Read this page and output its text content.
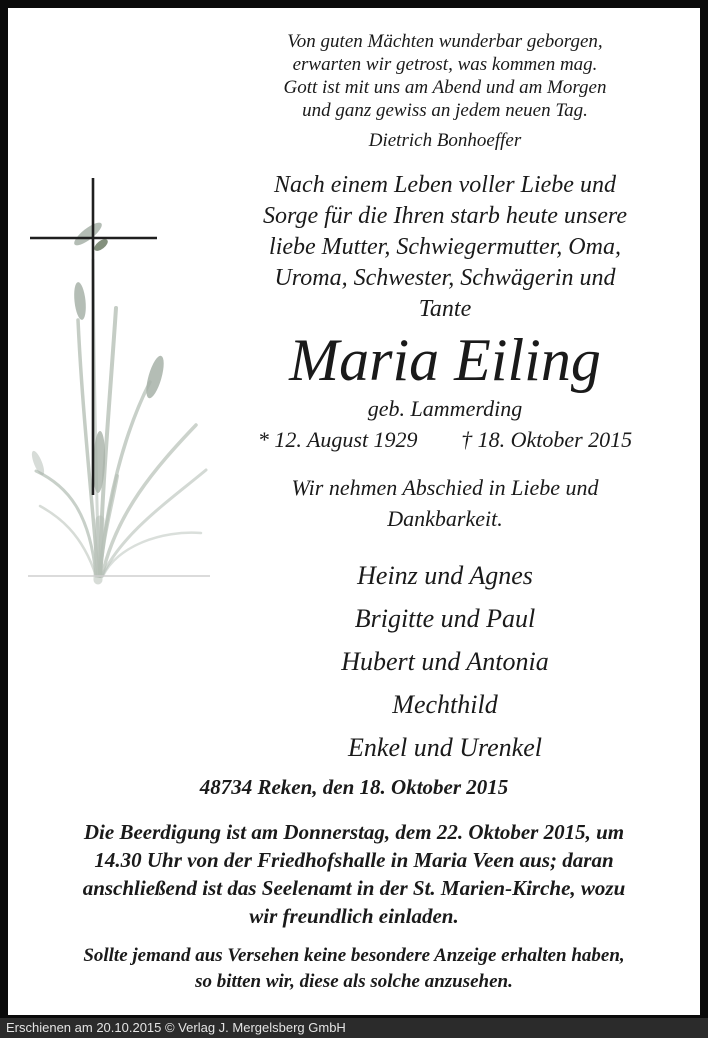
Von guten Mächten wunderbar geborgen,
erwarten wir getrost, was kommen mag.
Gott ist mit uns am Abend und am Morgen
und ganz gewiss an jedem neuen Tag.
Dietrich Bonhoeffer
Nach einem Leben voller Liebe und
Sorge für die Ihren starb heute unsere
liebe Mutter, Schwiegermutter, Oma,
Uroma, Schwester, Schwägerin und
Tante
Maria Eiling
geb. Lammerding
* 12. August 1929 † 18. Oktober 2015
Wir nehmen Abschied in Liebe und
Dankbarkeit.
Heinz und Agnes
Brigitte und Paul
Hubert und Antonia
Mechthild
Enkel und Urenkel
48734 Reken, den 18. Oktober 2015
Die Beerdigung ist am Donnerstag, dem 22. Oktober 2015, um
14.30 Uhr von der Friedhofshalle in Maria Veen aus; daran
anschließend ist das Seelenamt in der St. Marien-Kirche, wozu
wir freundlich einladen.
Sollte jemand aus Versehen keine besondere Anzeige erhalten haben,
so bitten wir, diese als solche anzusehen.
Erschienen am 20.10.2015 © Verlag J. Mergelsberg GmbH
